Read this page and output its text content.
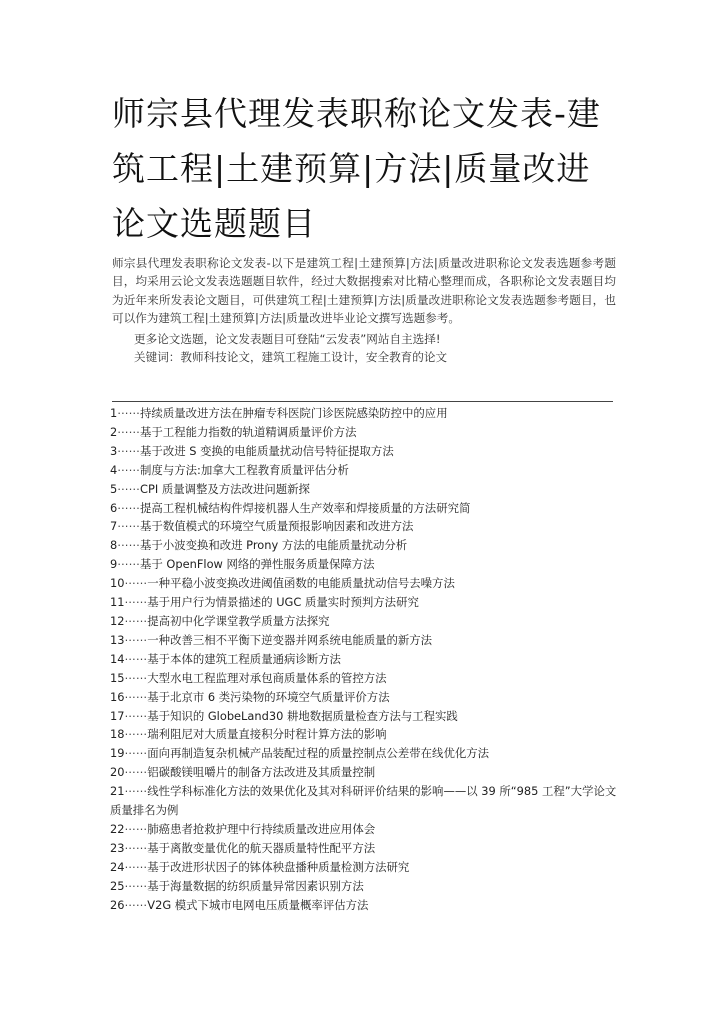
师宗县代理发表职称论文发表-建筑工程|土建预算|方法|质量改进论文选题题目

师宗县代理发表职称论文发表-以下是建筑工程|土建预算|方法|质量改进职称论文发表选题参考题目，均采用云论文发表选题题目软件，经过大数据搜索对比精心整理而成，各职称论文发表题目均为近年来所发表论文题目，可供建筑工程|土建预算|方法|质量改进职称论文发表选题参考题目，也可以作为建筑工程|土建预算|方法|质量改进毕业论文撰写选题参考。

更多论文选题，论文发表题目可登陆“云发表”网站自主选择!

关键词：教师科技论文，建筑工程施工设计，安全教育的论文

1⋯⋯持续质量改进方法在肿瘤专科医院门诊医院感染防控中的应用
2⋯⋯基于工程能力指数的轨道精调质量评价方法
3⋯⋯基于改进 S 变换的电能质量扰动信号特征提取方法
4⋯⋯制度与方法:加拿大工程教育质量评估分析
5⋯⋯CPI 质量调整及方法改进问题新探
6⋯⋯提高工程机械结构件焊接机器人生产效率和焊接质量的方法研究简
7⋯⋯基于数值模式的环境空气质量预报影响因素和改进方法
8⋯⋯基于小波变换和改进 Prony 方法的电能质量扰动分析
9⋯⋯基于 OpenFlow 网络的弹性服务质量保障方法
10⋯⋯一种平稳小波变换改进阈值函数的电能质量扰动信号去噪方法
11⋯⋯基于用户行为情景描述的 UGC 质量实时预判方法研究
12⋯⋯提高初中化学课堂教学质量方法探究
13⋯⋯一种改善三相不平衡下逆变器并网系统电能质量的新方法
14⋯⋯基于本体的建筑工程质量通病诊断方法
15⋯⋯大型水电工程监理对承包商质量体系的管控方法
16⋯⋯基于北京市 6 类污染物的环境空气质量评价方法
17⋯⋯基于知识的 GlobeLand30 耕地数据质量检查方法与工程实践
18⋯⋯瑞利阻尼对大质量直接积分时程计算方法的影响
19⋯⋯面向再制造复杂机械产品装配过程的质量控制点公差带在线优化方法
20⋯⋯铝碳酸镁咀嚼片的制备方法改进及其质量控制
21⋯⋯线性学科标准化方法的效果优化及其对科研评价结果的影响——以 39 所“985 工程”大学论文质量排名为例
22⋯⋯肺癌患者抢救护理中行持续质量改进应用体会
23⋯⋯基于离散变量优化的航天器质量特性配平方法
24⋯⋯基于改进形状因子的钵体秧盘播种质量检测方法研究
25⋯⋯基于海量数据的纺织质量异常因素识别方法
26⋯⋯V2G 模式下城市电网电压质量概率评估方法
